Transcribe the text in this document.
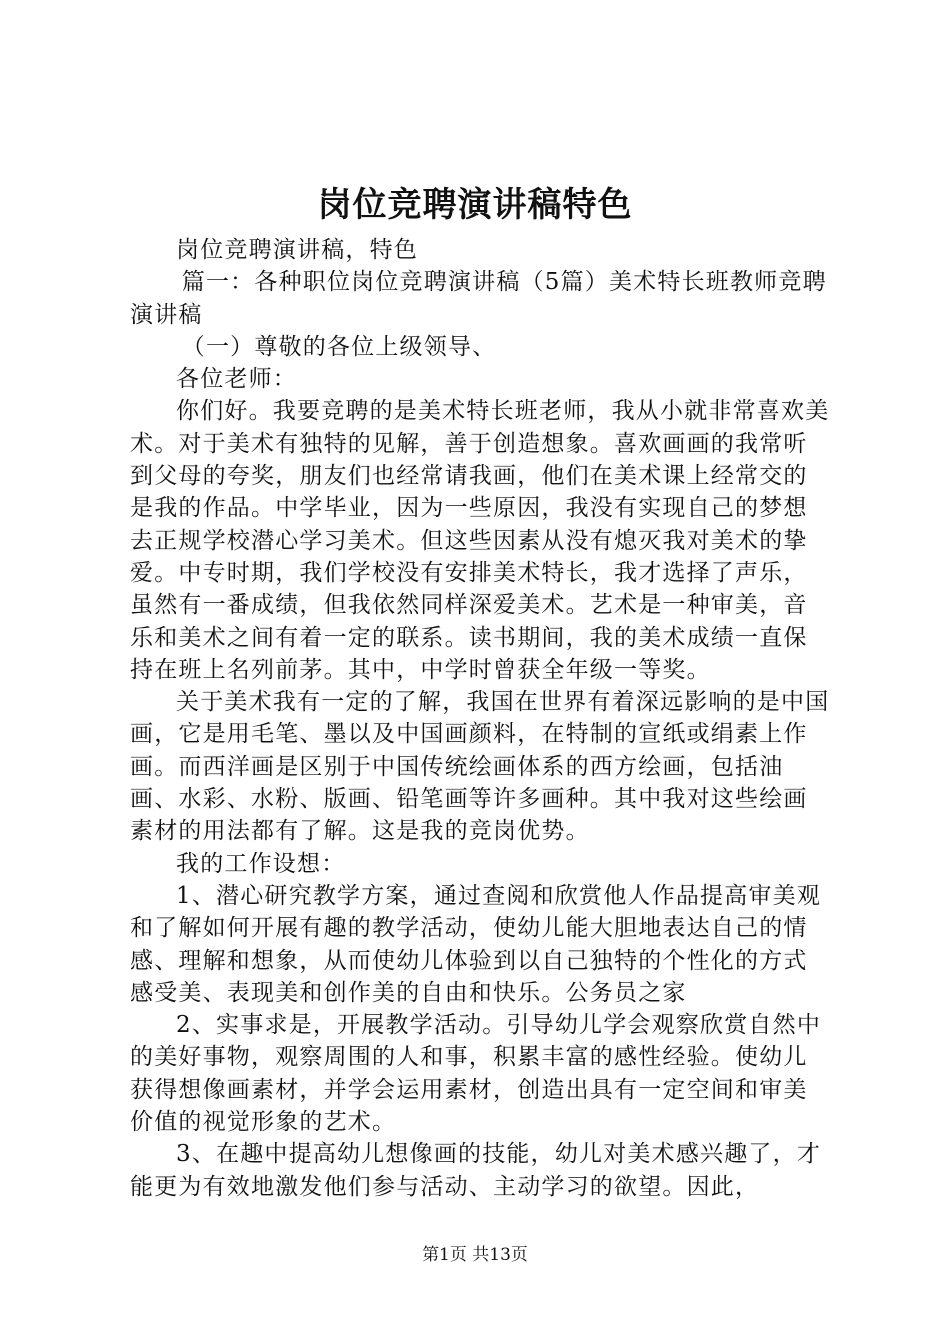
岗位竞聘演讲稿特色

岗位竞聘演讲稿，特色

篇一：各种职位岗位竞聘演讲稿（5篇）美术特长班教师竞聘演讲稿

（一）尊敬的各位上级领导、

各位老师：

你们好。我要竞聘的是美术特长班老师，我从小就非常喜欢美术。对于美术有独特的见解，善于创造想象。喜欢画画的我常听到父母的夸奖，朋友们也经常请我画，他们在美术课上经常交的是我的作品。中学毕业，因为一些原因，我没有实现自己的梦想去正规学校潜心学习美术。但这些因素从没有熄灭我对美术的挚爱。中专时期，我们学校没有安排美术特长，我才选择了声乐，虽然有一番成绩，但我依然同样深爱美术。艺术是一种审美，音乐和美术之间有着一定的联系。读书期间，我的美术成绩一直保持在班上名列前茅。其中，中学时曾获全年级一等奖。

关于美术我有一定的了解，我国在世界有着深远影响的是中国画，它是用毛笔、墨以及中国画颜料，在特制的宣纸或绢素上作画。而西洋画是区别于中国传统绘画体系的西方绘画，包括油画、水彩、水粉、版画、铅笔画等许多画种。其中我对这些绘画素材的用法都有了解。这是我的竞岗优势。

我的工作设想：

1、潜心研究教学方案，通过查阅和欣赏他人作品提高审美观和了解如何开展有趣的教学活动，使幼儿能大胆地表达自己的情感、理解和想象，从而使幼儿体验到以自己独特的个性化的方式感受美、表现美和创作美的自由和快乐。公务员之家

2、实事求是，开展教学活动。引导幼儿学会观察欣赏自然中的美好事物，观察周围的人和事，积累丰富的感性经验。使幼儿获得想像画素材，并学会运用素材，创造出具有一定空间和审美价值的视觉形象的艺术。

3、在趣中提高幼儿想像画的技能，幼儿对美术感兴趣了，才能更为有效地激发他们参与活动、主动学习的欲望。因此，

第1页 共13页
